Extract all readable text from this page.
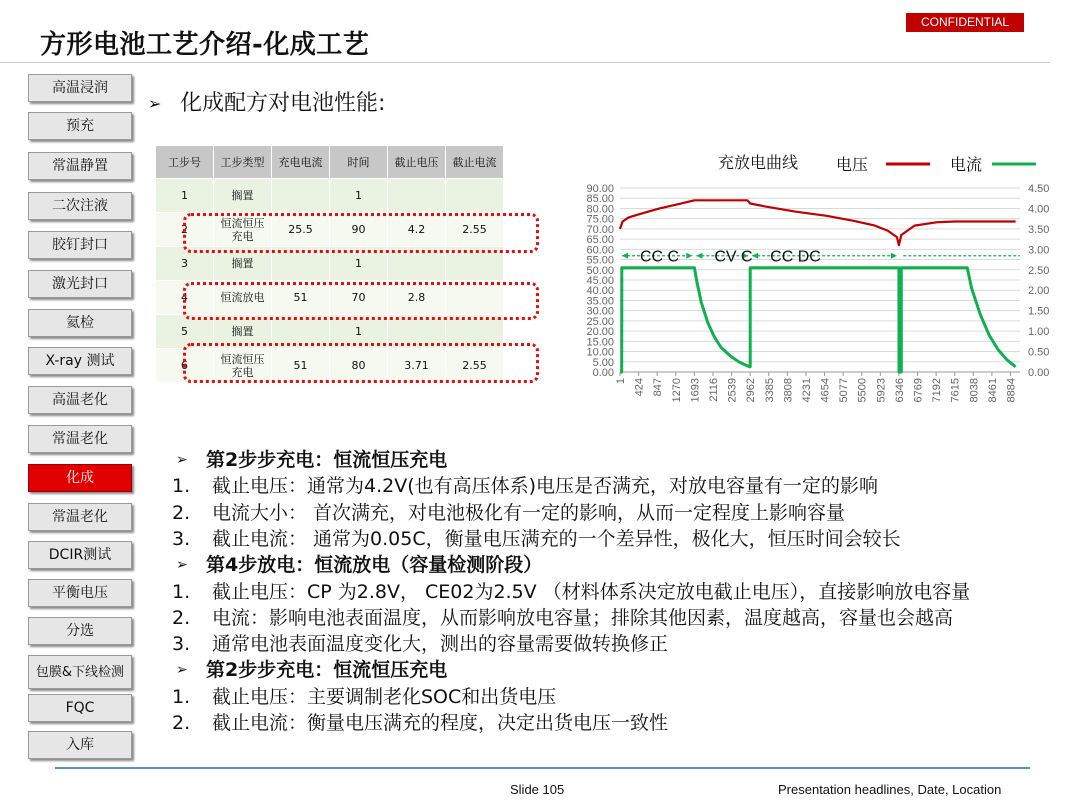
CONFIDENTIAL
方形电池工艺介绍-化成工艺
高温浸润
预充
常温静置
二次注液
胶钉封口
激光封口
氦检
X-ray 测试
高温老化
常温老化
化成
常温老化
DCIR测试
平衡电压
分选
包膜&下线检测
FQC
入库
➢ 化成配方对电池性能:
工步号	工步类型	充电电流	时间	截止电压	截止电流
1	搁置		1		
2	恒流恒压充电	25.5	90	4.2	2.55
3	搁置		1		
4	恒流放电	51	70	2.8	
5	搁置		1		
6	恒流恒压充电	51	80	3.71	2.55
0.00
5.00
10.00
15.00
20.00
25.00
30.00
35.00
40.00
45.00
50.00
55.00
60.00
65.00
70.00
75.00
80.00
85.00
90.00
0.00
0.50
1.00
1.50
2.00
2.50
3.00
3.50
4.00
4.50
1 424 847 1270 1693 2116 2539 2962 3385 3808 4231 4654 5077 5500 5923 6346 6769 7192 7615 8038 8461 8884
CC C CV C CC DC
充放电曲线 电压	电流
➢ 第2步步充电：恒流恒压充电
1. 截止电压：通常为4.2V(也有高压体系)电压是否满充，对放电容量有一定的影响
2. 电流大小： 首次满充，对电池极化有一定的影响，从而一定程度上影响容量
3. 截止电流： 通常为0.05C，衡量电压满充的一个差异性，极化大，恒压时间会较长
➢ 第4步放电：恒流放电（容量检测阶段）
1. 截止电压：CP 为2.8V， CE02为2.5V （材料体系决定放电截止电压），直接影响放电容量
2. 电流：影响电池表面温度，从而影响放电容量；排除其他因素，温度越高，容量也会越高
3. 通常电池表面温度变化大，测出的容量需要做转换修正
➢ 第2步步充电：恒流恒压充电
1. 截止电压：主要调制老化SOC和出货电压
2. 截止电流：衡量电压满充的程度，决定出货电压一致性
Slide 105	Presentation headlines, Date, Location
